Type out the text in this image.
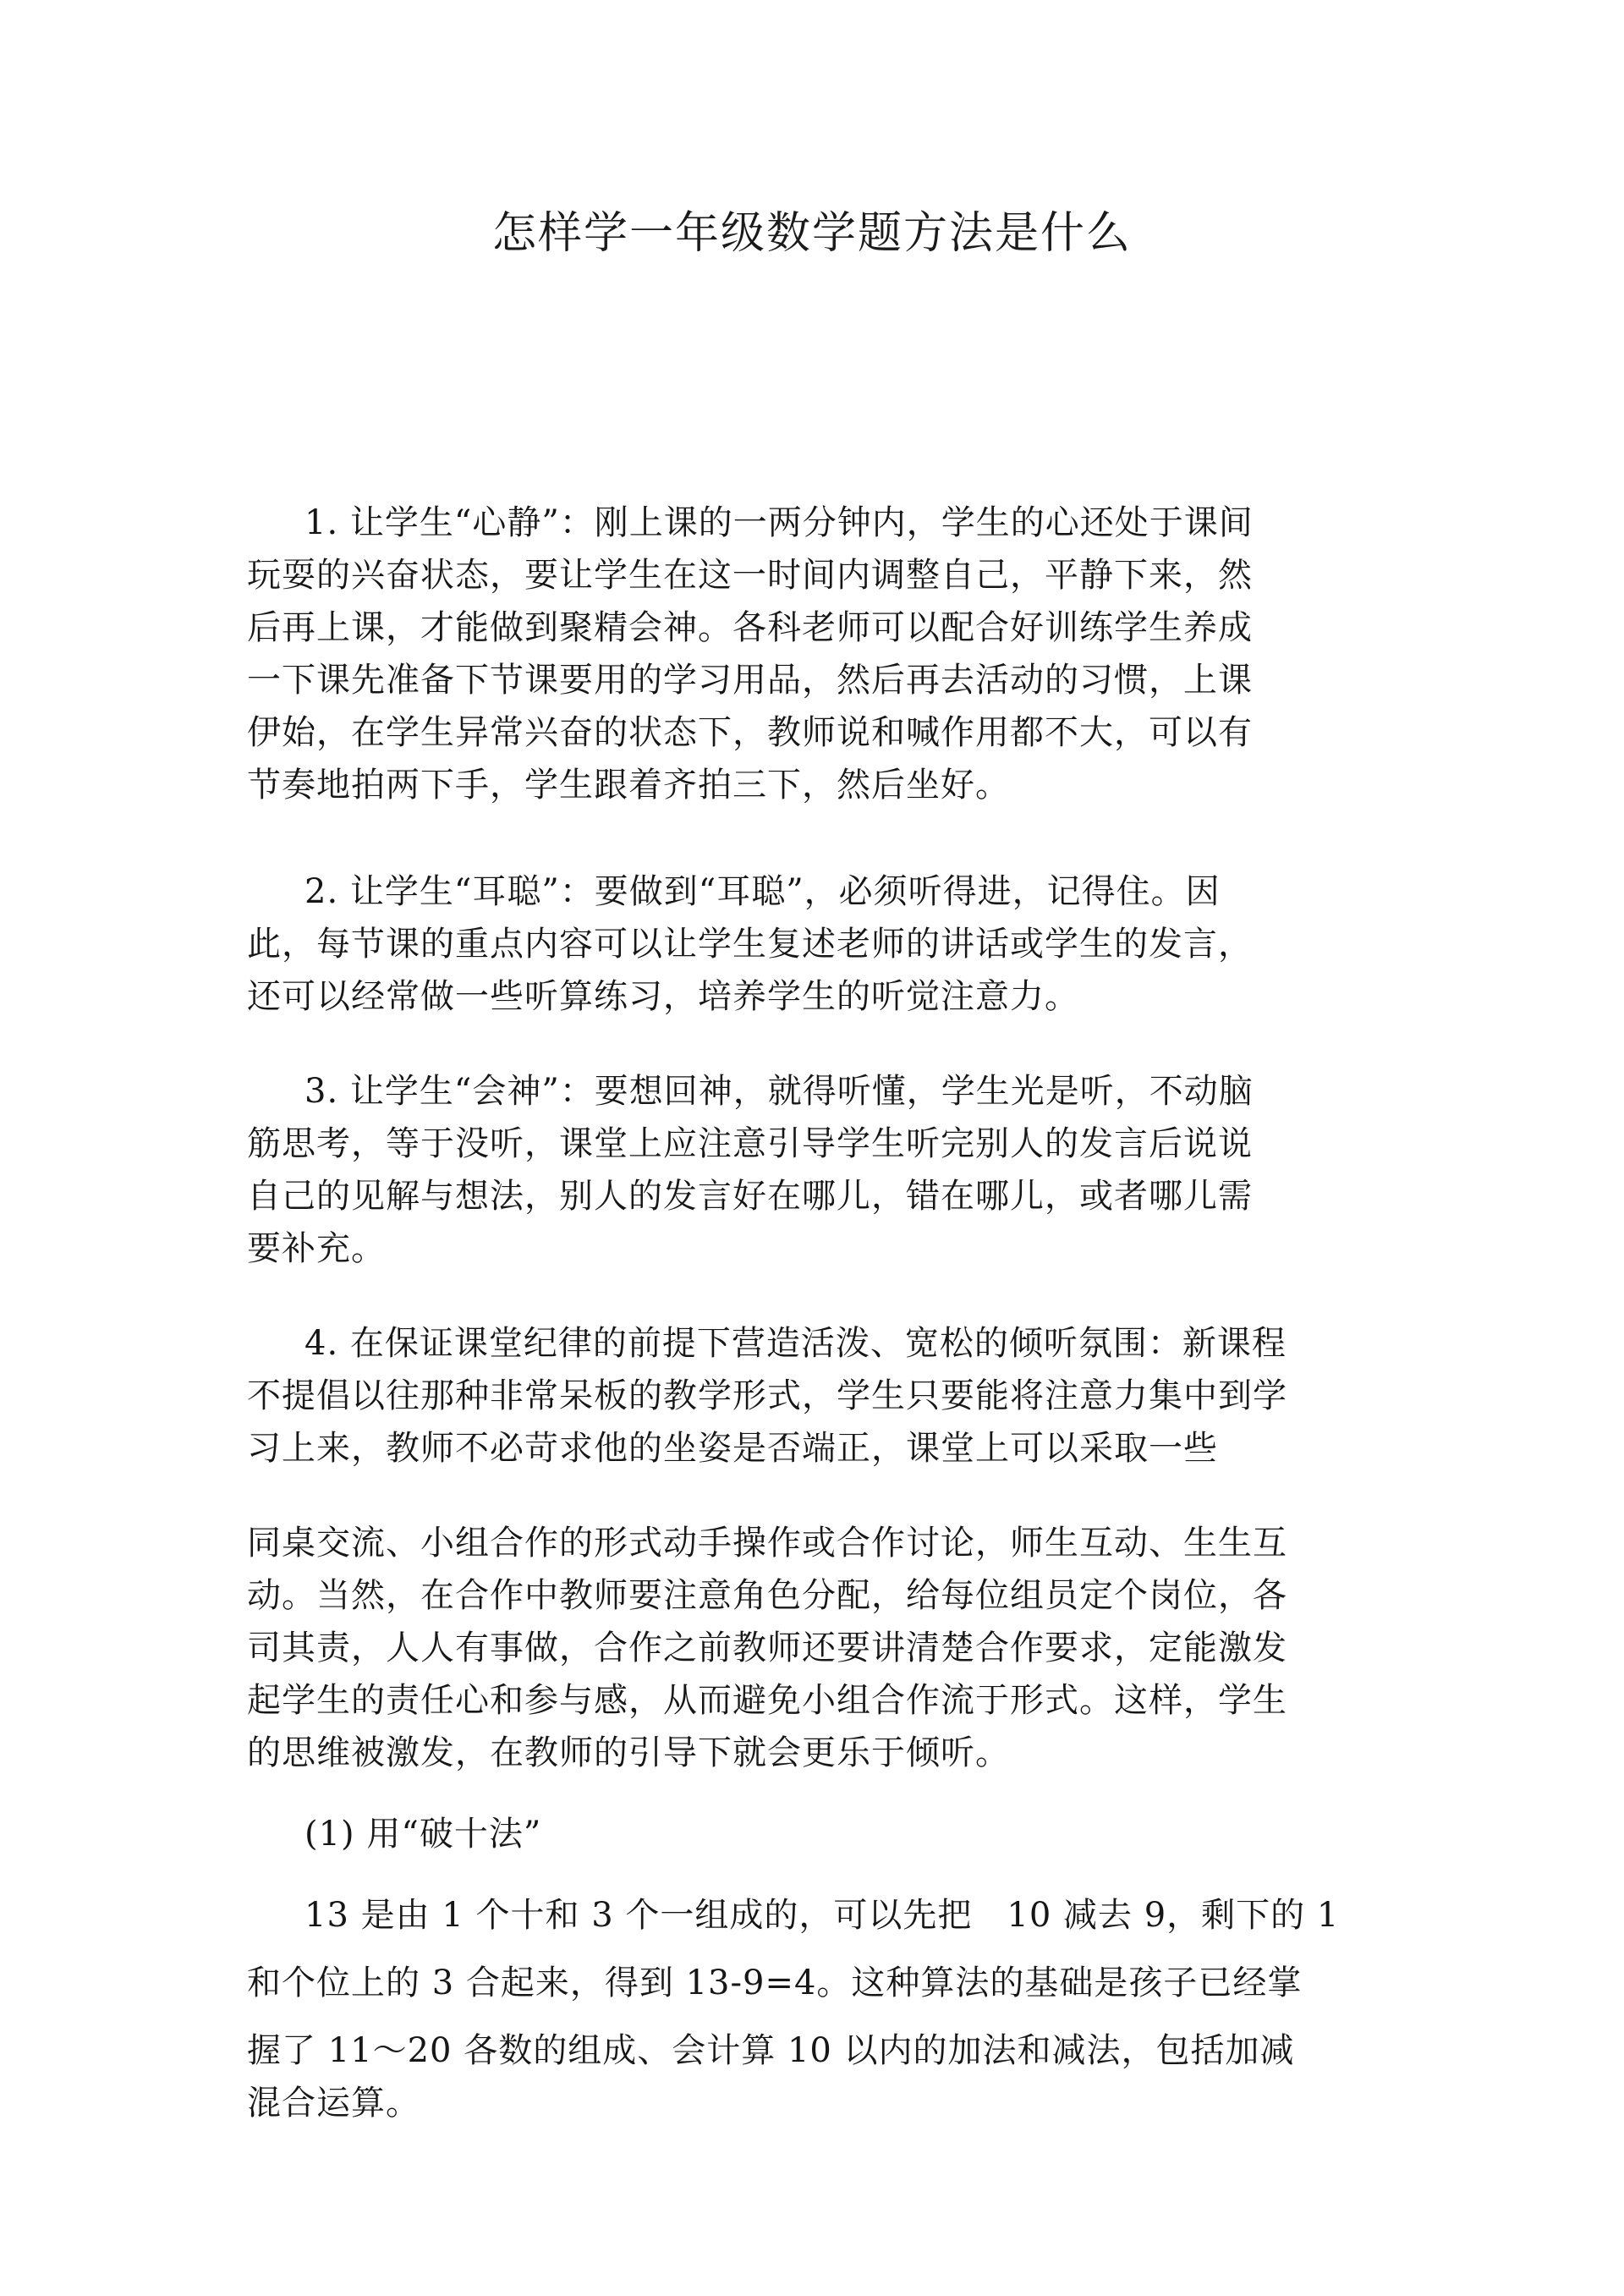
怎样学一年级数学题方法是什么
1. 让学生“心静”：刚上课的一两分钟内，学生的心还处于课间
玩耍的兴奋状态，要让学生在这一时间内调整自己，平静下来，然
后再上课，才能做到聚精会神。各科老师可以配合好训练学生养成
一下课先准备下节课要用的学习用品，然后再去活动的习惯，上课
伊始，在学生异常兴奋的状态下，教师说和喊作用都不大，可以有
节奏地拍两下手，学生跟着齐拍三下，然后坐好。
2. 让学生“耳聪”：要做到“耳聪”，必须听得进，记得住。因
此，每节课的重点内容可以让学生复述老师的讲话或学生的发言，
还可以经常做一些听算练习，培养学生的听觉注意力。
3. 让学生“会神”：要想回神，就得听懂，学生光是听，不动脑
筋思考，等于没听，课堂上应注意引导学生听完别人的发言后说说
自己的见解与想法，别人的发言好在哪儿，错在哪儿，或者哪儿需
要补充。
4. 在保证课堂纪律的前提下营造活泼、宽松的倾听氛围：新课程
不提倡以往那种非常呆板的教学形式，学生只要能将注意力集中到学
习上来，教师不必苛求他的坐姿是否端正，课堂上可以采取一些
同桌交流、小组合作的形式动手操作或合作讨论，师生互动、生生互
动。当然，在合作中教师要注意角色分配，给每位组员定个岗位，各
司其责，人人有事做，合作之前教师还要讲清楚合作要求，定能激发
起学生的责任心和参与感，从而避免小组合作流于形式。这样，学生
的思维被激发，在教师的引导下就会更乐于倾听。
(1) 用“破十法”
13 是由 1 个十和 3 个一组成的，可以先把　10 减去 9，剩下的 1
和个位上的 3 合起来，得到 13-9=4。这种算法的基础是孩子已经掌
握了 11～20 各数的组成、会计算 10 以内的加法和减法，包括加减
混合运算。
